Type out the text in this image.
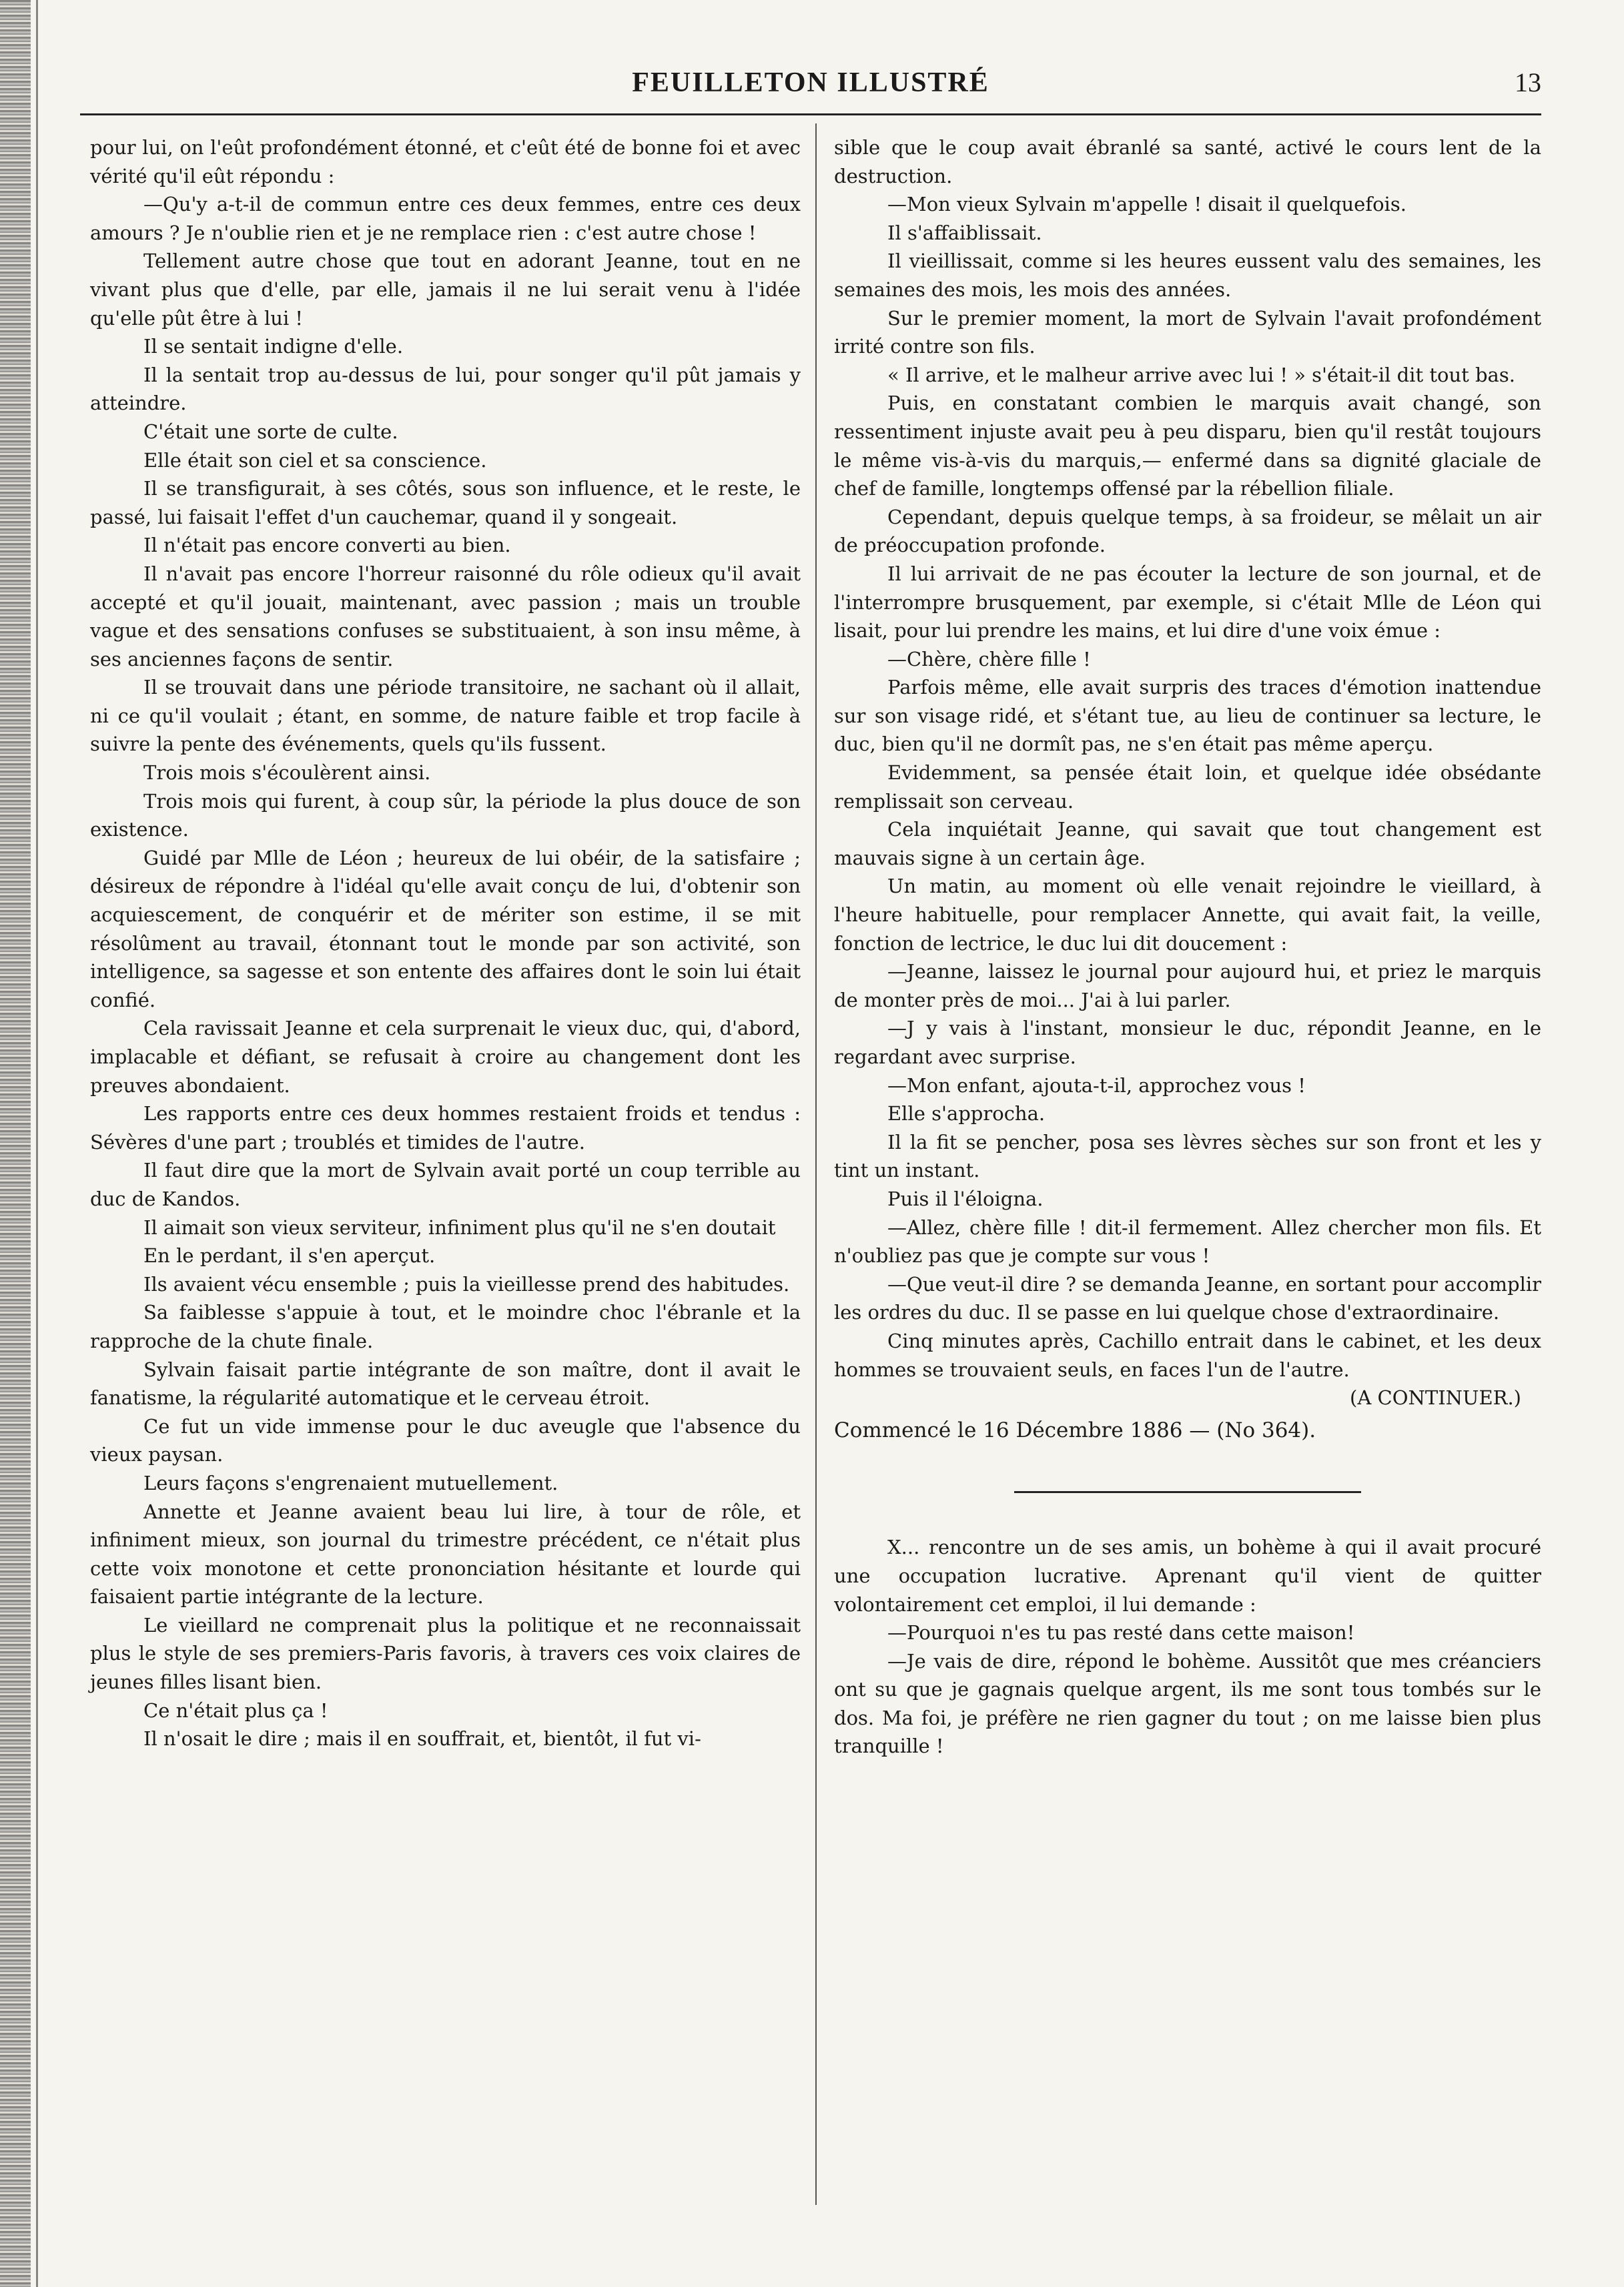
FEUILLETON ILLUSTRÉ	13

pour lui, on l'eût profondément étonné, et c'eût été de bonne foi et avec vérité qu'il eût répondu :

—Qu'y a-t-il de commun entre ces deux femmes, entre ces deux amours ? Je n'oublie rien et je ne remplace rien : c'est autre chose !

Tellement autre chose que tout en adorant Jeanne, tout en ne vivant plus que d'elle, par elle, jamais il ne lui serait venu à l'idée qu'elle pût être à lui !

Il se sentait indigne d'elle.

Il la sentait trop au-dessus de lui, pour songer qu'il pût jamais y atteindre.

C'était une sorte de culte.

Elle était son ciel et sa conscience.

Il se transfigurait, à ses côtés, sous son influence, et le reste, le passé, lui faisait l'effet d'un cauchemar, quand il y songeait.

Il n'était pas encore converti au bien.

Il n'avait pas encore l'horreur raisonné du rôle odieux qu'il avait accepté et qu'il jouait, maintenant, avec passion ; mais un trouble vague et des sensations confuses se substituaient, à son insu même, à ses anciennes façons de sentir.

Il se trouvait dans une période transitoire, ne sachant où il allait, ni ce qu'il voulait ; étant, en somme, de nature faible et trop facile à suivre la pente des événements, quels qu'ils fussent.

Trois mois s'écoulèrent ainsi.

Trois mois qui furent, à coup sûr, la période la plus douce de son existence.

Guidé par Mlle de Léon ; heureux de lui obéir, de la satisfaire ; désireux de répondre à l'idéal qu'elle avait conçu de lui, d'obtenir son acquiescement, de conquérir et de mériter son estime, il se mit résolûment au travail, étonnant tout le monde par son activité, son intelligence, sa sagesse et son entente des affaires dont le soin lui était confié.

Cela ravissait Jeanne et cela surprenait le vieux duc, qui, d'abord, implacable et défiant, se refusait à croire au changement dont les preuves abondaient.

Les rapports entre ces deux hommes restaient froids et tendus : Sévères d'une part ; troublés et timides de l'autre.

Il faut dire que la mort de Sylvain avait porté un coup terrible au duc de Kandos.

Il aimait son vieux serviteur, infiniment plus qu'il ne s'en doutait

En le perdant, il s'en aperçut.

Ils avaient vécu ensemble ; puis la vieillesse prend des habitudes.

Sa faiblesse s'appuie à tout, et le moindre choc l'ébranle et la rapproche de la chute finale.

Sylvain faisait partie intégrante de son maître, dont il avait le fanatisme, la régularité automatique et le cerveau étroit.

Ce fut un vide immense pour le duc aveugle que l'absence du vieux paysan.

Leurs façons s'engrenaient mutuellement.

Annette et Jeanne avaient beau lui lire, à tour de rôle, et infiniment mieux, son journal du trimestre précédent, ce n'était plus cette voix monotone et cette prononciation hésitante et lourde qui faisaient partie intégrante de la lecture.

Le vieillard ne comprenait plus la politique et ne reconnaissait plus le style de ses premiers-Paris favoris, à travers ces voix claires de jeunes filles lisant bien.

Ce n'était plus ça !

Il n'osait le dire ; mais il en souffrait, et, bientôt, il fut vi-

sible que le coup avait ébranlé sa santé, activé le cours lent de la destruction.

—Mon vieux Sylvain m'appelle ! disait il quelquefois.

Il s'affaiblissait.

Il vieillissait, comme si les heures eussent valu des semaines, les semaines des mois, les mois des années.

Sur le premier moment, la mort de Sylvain l'avait profondément irrité contre son fils.

« Il arrive, et le malheur arrive avec lui ! » s'était-il dit tout bas.

Puis, en constatant combien le marquis avait changé, son ressentiment injuste avait peu à peu disparu, bien qu'il restât toujours le même vis-à-vis du marquis,— enfermé dans sa dignité glaciale de chef de famille, longtemps offensé par la rébellion filiale.

Cependant, depuis quelque temps, à sa froideur, se mêlait un air de préoccupation profonde.

Il lui arrivait de ne pas écouter la lecture de son journal, et de l'interrompre brusquement, par exemple, si c'était Mlle de Léon qui lisait, pour lui prendre les mains, et lui dire d'une voix émue :

—Chère, chère fille !

Parfois même, elle avait surpris des traces d'émotion inattendue sur son visage ridé, et s'étant tue, au lieu de continuer sa lecture, le duc, bien qu'il ne dormît pas, ne s'en était pas même aperçu.

Evidemment, sa pensée était loin, et quelque idée obsédante remplissait son cerveau.

Cela inquiétait Jeanne, qui savait que tout changement est mauvais signe à un certain âge.

Un matin, au moment où elle venait rejoindre le vieillard, à l'heure habituelle, pour remplacer Annette, qui avait fait, la veille, fonction de lectrice, le duc lui dit doucement :

—Jeanne, laissez le journal pour aujourd hui, et priez le marquis de monter près de moi... J'ai à lui parler.

—J y vais à l'instant, monsieur le duc, répondit Jeanne, en le regardant avec surprise.

—Mon enfant, ajouta-t-il, approchez vous !

Elle s'approcha.

Il la fit se pencher, posa ses lèvres sèches sur son front et les y tint un instant.

Puis il l'éloigna.

—Allez, chère fille ! dit-il fermement. Allez chercher mon fils. Et n'oubliez pas que je compte sur vous !

—Que veut-il dire ? se demanda Jeanne, en sortant pour accomplir les ordres du duc. Il se passe en lui quelque chose d'extraordinaire.

Cinq minutes après, Cachillo entrait dans le cabinet, et les deux hommes se trouvaient seuls, en faces l'un de l'autre.

(A CONTINUER.)

Commencé le 16 Décembre 1886 — (No 364).

X... rencontre un de ses amis, un bohème à qui il avait procuré une occupation lucrative. Aprenant qu'il vient de quitter volontairement cet emploi, il lui demande :

—Pourquoi n'es tu pas resté dans cette maison!

—Je vais de dire, répond le bohème. Aussitôt que mes créanciers ont su que je gagnais quelque argent, ils me sont tous tombés sur le dos. Ma foi, je préfère ne rien gagner du tout ; on me laisse bien plus tranquille !
